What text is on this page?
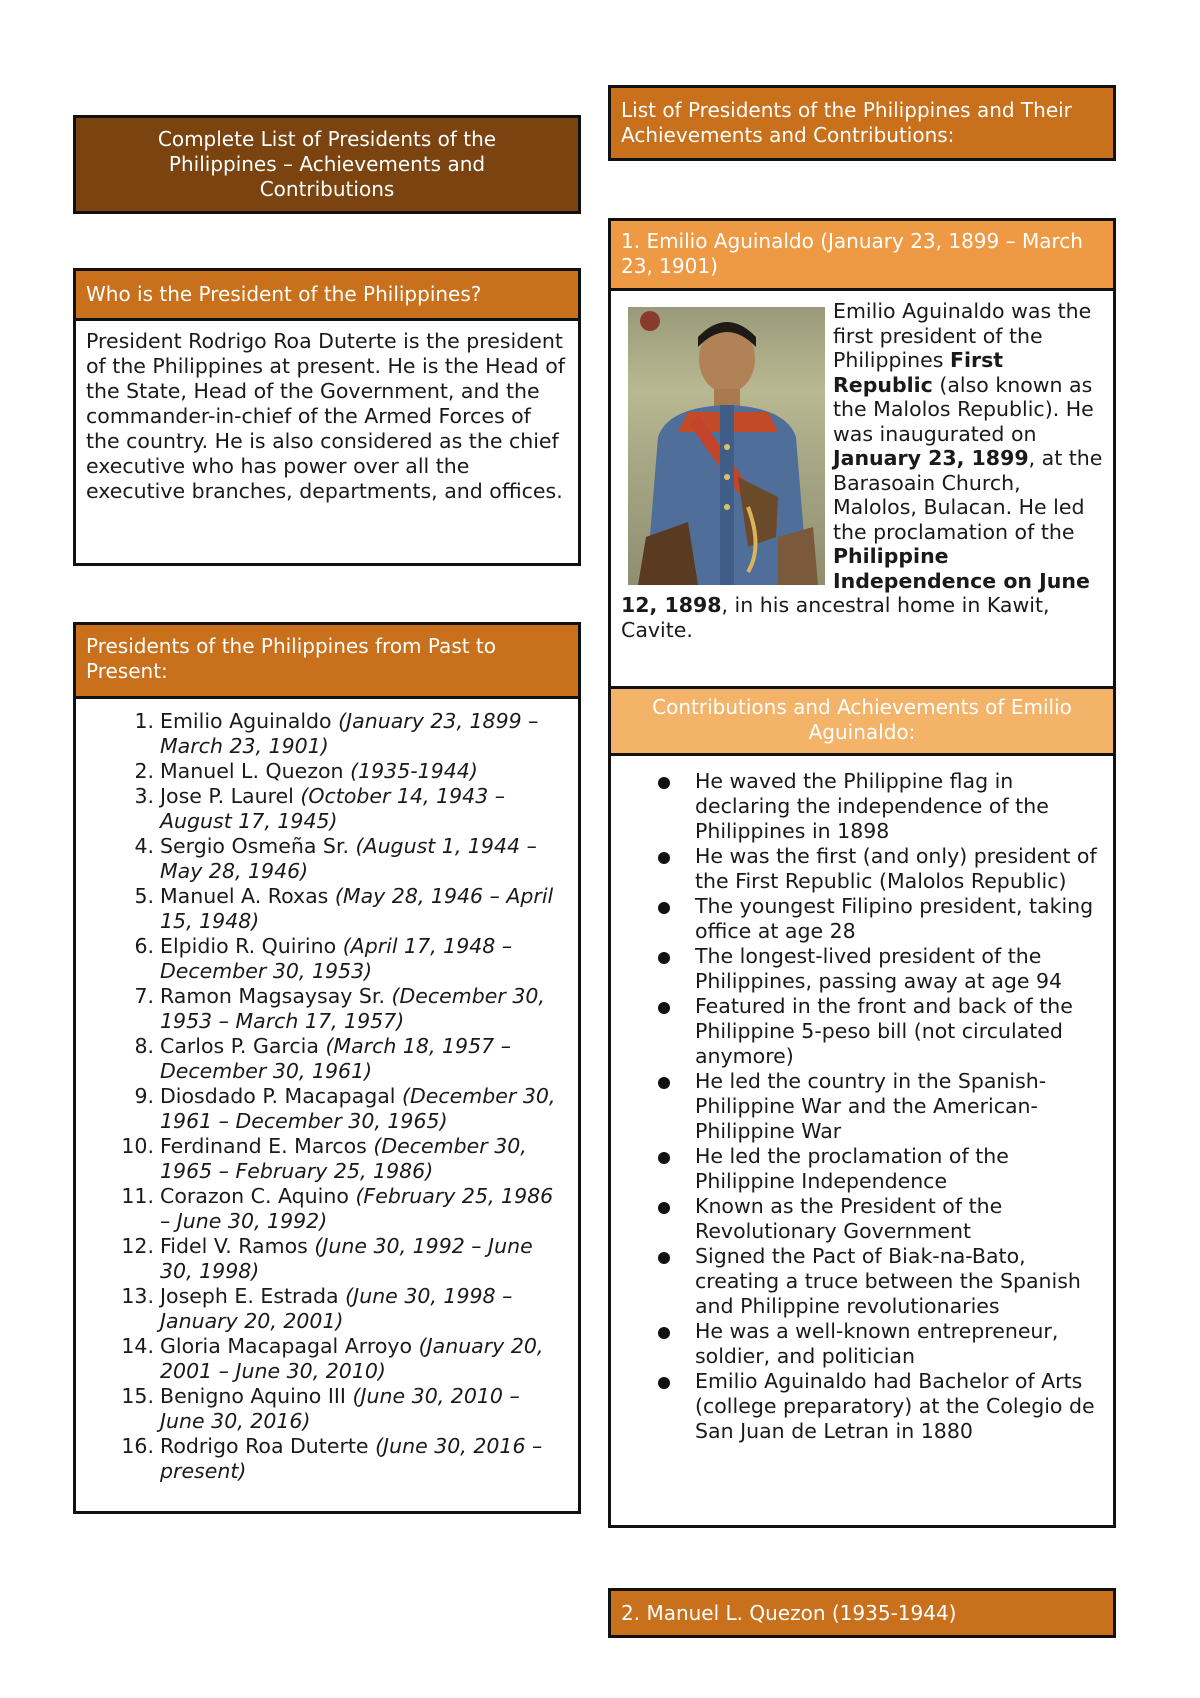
Complete List of Presidents of the Philippines – Achievements and Contributions
Who is the President of the Philippines?
President Rodrigo Roa Duterte is the president of the Philippines at present. He is the Head of the State, Head of the Government, and the commander-in-chief of the Armed Forces of the country. He is also considered as the chief executive who has power over all the executive branches, departments, and offices.
Presidents of the Philippines from Past to Present:
1. Emilio Aguinaldo (January 23, 1899 – March 23, 1901)
2. Manuel L. Quezon (1935-1944)
3. Jose P. Laurel (October 14, 1943 – August 17, 1945)
4. Sergio Osmeña Sr. (August 1, 1944 – May 28, 1946)
5. Manuel A. Roxas (May 28, 1946 – April 15, 1948)
6. Elpidio R. Quirino (April 17, 1948 – December 30, 1953)
7. Ramon Magsaysay Sr. (December 30, 1953 – March 17, 1957)
8. Carlos P. Garcia (March 18, 1957 – December 30, 1961)
9. Diosdado P. Macapagal (December 30, 1961 – December 30, 1965)
10. Ferdinand E. Marcos (December 30, 1965 – February 25, 1986)
11. Corazon C. Aquino (February 25, 1986 – June 30, 1992)
12. Fidel V. Ramos (June 30, 1992 – June 30, 1998)
13. Joseph E. Estrada (June 30, 1998 – January 20, 2001)
14. Gloria Macapagal Arroyo (January 20, 2001 – June 30, 2010)
15. Benigno Aquino III (June 30, 2010 – June 30, 2016)
16. Rodrigo Roa Duterte (June 30, 2016 – present)
List of Presidents of the Philippines and Their Achievements and Contributions:
1. Emilio Aguinaldo (January 23, 1899 – March 23, 1901)
Emilio Aguinaldo was the first president of the Philippines First Republic (also known as the Malolos Republic). He was inaugurated on January 23, 1899, at the Barasoain Church, Malolos, Bulacan. He led the proclamation of the Philippine Independence on June 12, 1898, in his ancestral home in Kawit, Cavite.
Contributions and Achievements of Emilio Aguinaldo:
He waved the Philippine flag in declaring the independence of the Philippines in 1898
He was the first (and only) president of the First Republic (Malolos Republic)
The youngest Filipino president, taking office at age 28
The longest-lived president of the Philippines, passing away at age 94
Featured in the front and back of the Philippine 5-peso bill (not circulated anymore)
He led the country in the Spanish-Philippine War and the American-Philippine War
He led the proclamation of the Philippine Independence
Known as the President of the Revolutionary Government
Signed the Pact of Biak-na-Bato, creating a truce between the Spanish and Philippine revolutionaries
He was a well-known entrepreneur, soldier, and politician
Emilio Aguinaldo had Bachelor of Arts (college preparatory) at the Colegio de San Juan de Letran in 1880
2. Manuel L. Quezon (1935-1944)
